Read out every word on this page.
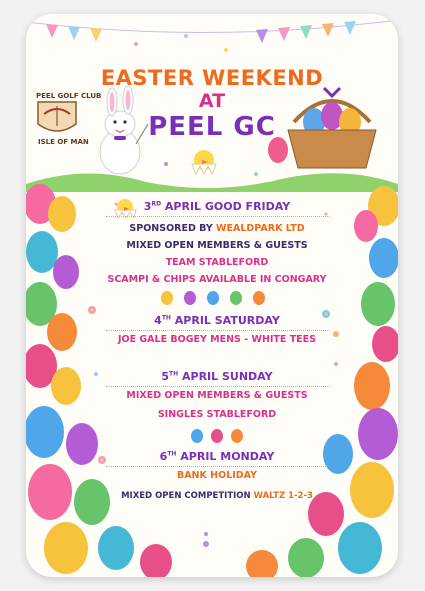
PEEL GOLF CLUB
ISLE OF MAN
EASTER WEEKEND
AT
PEEL GC
3RD APRIL GOOD FRIDAY
SPONSORED BY WEALDPARK LTD
MIXED OPEN MEMBERS & GUESTS
TEAM STABLEFORD
SCAMPI & CHIPS AVAILABLE IN CONGARY
4TH APRIL SATURDAY
JOE GALE BOGEY MENS - WHITE TEES
5TH APRIL SUNDAY
MIXED OPEN MEMBERS & GUESTS
SINGLES STABLEFORD
6TH APRIL MONDAY
BANK HOLIDAY
MIXED OPEN COMPETITION WALTZ 1-2-3
